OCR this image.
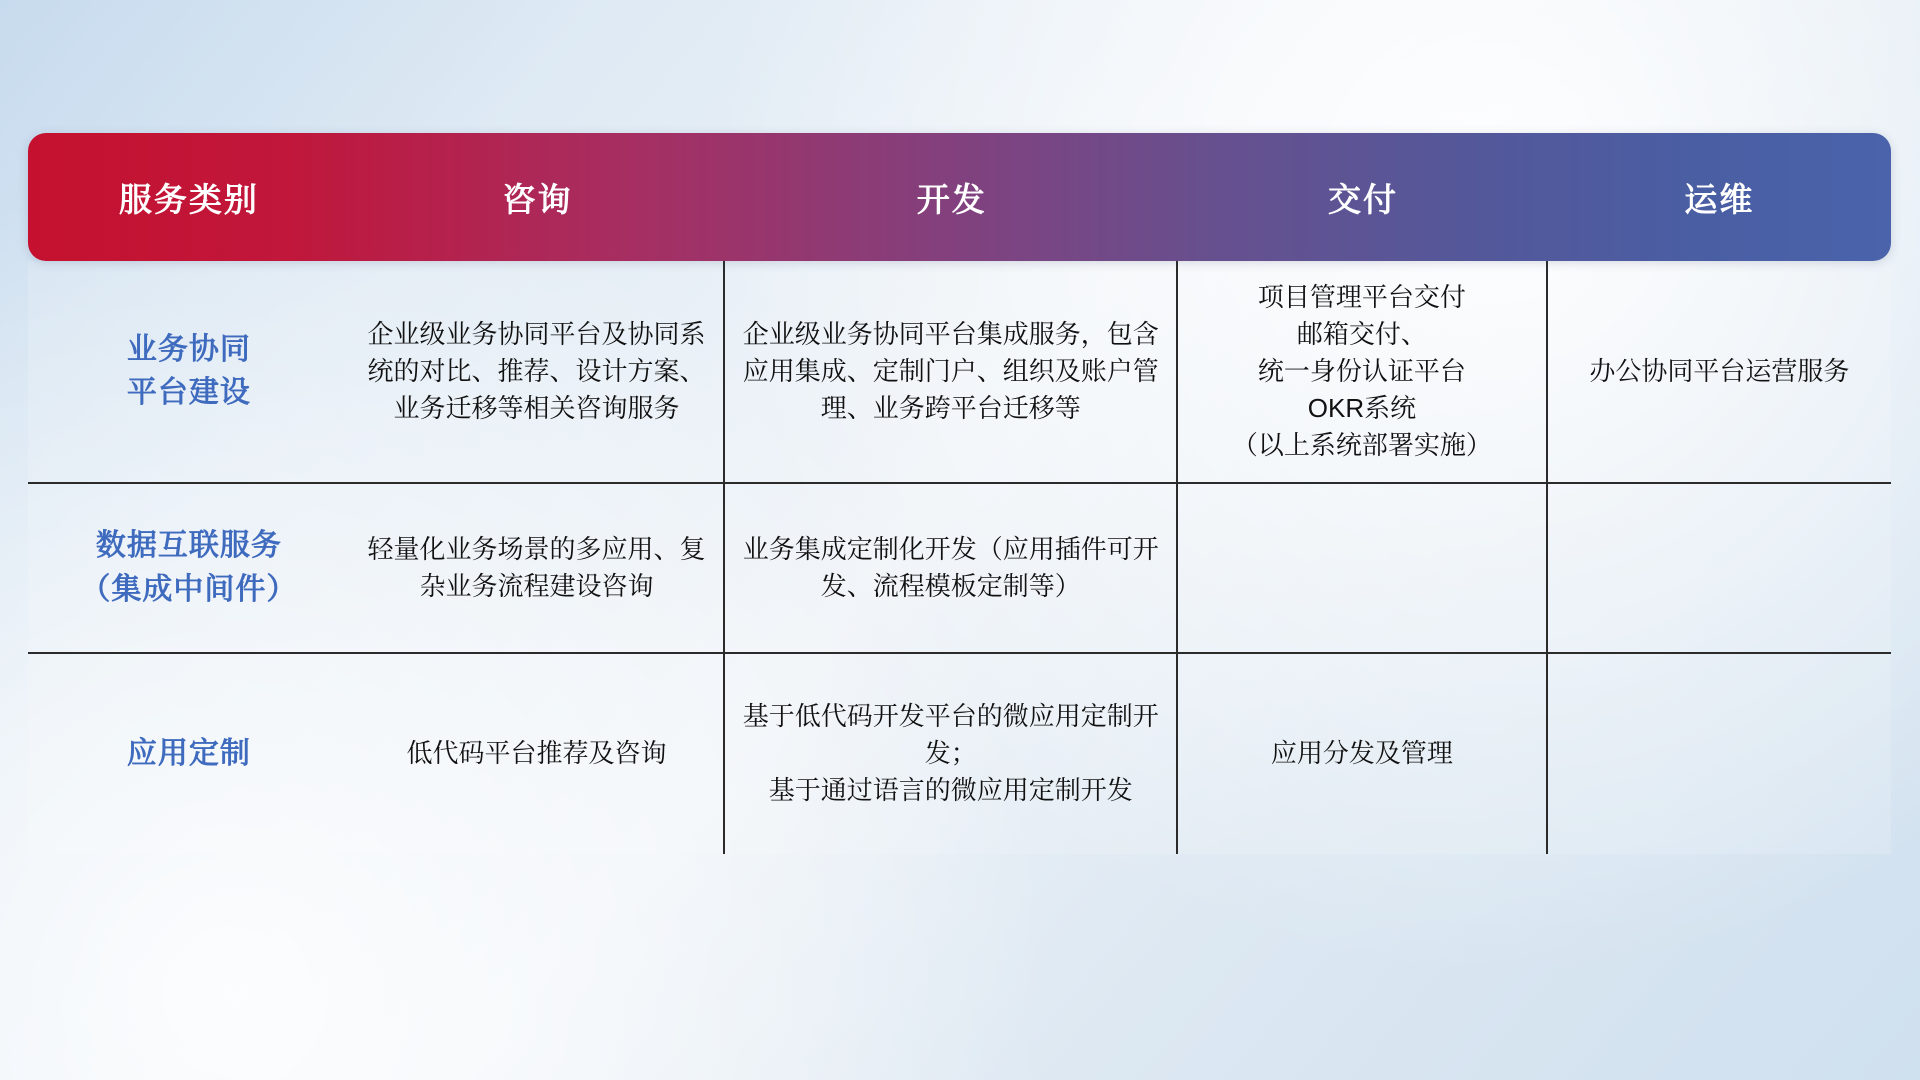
服务类别	咨询	开发	交付	运维

业务协同
平台建设	企业级业务协同平台及协同系统的对比、推荐、设计方案、业务迁移等相关咨询服务	企业级业务协同平台集成服务，包含应用集成、定制门户、组织及账户管理、业务跨平台迁移等	项目管理平台交付
邮箱交付、
统一身份认证平台
OKR系统
（以上系统部署实施）	办公协同平台运营服务

数据互联服务
（集成中间件）	轻量化业务场景的多应用、复杂业务流程建设咨询	业务集成定制化开发（应用插件可开发、流程模板定制等）		

应用定制	低代码平台推荐及咨询	基于低代码开发平台的微应用定制开发；
基于通过语言的微应用定制开发	应用分发及管理	
